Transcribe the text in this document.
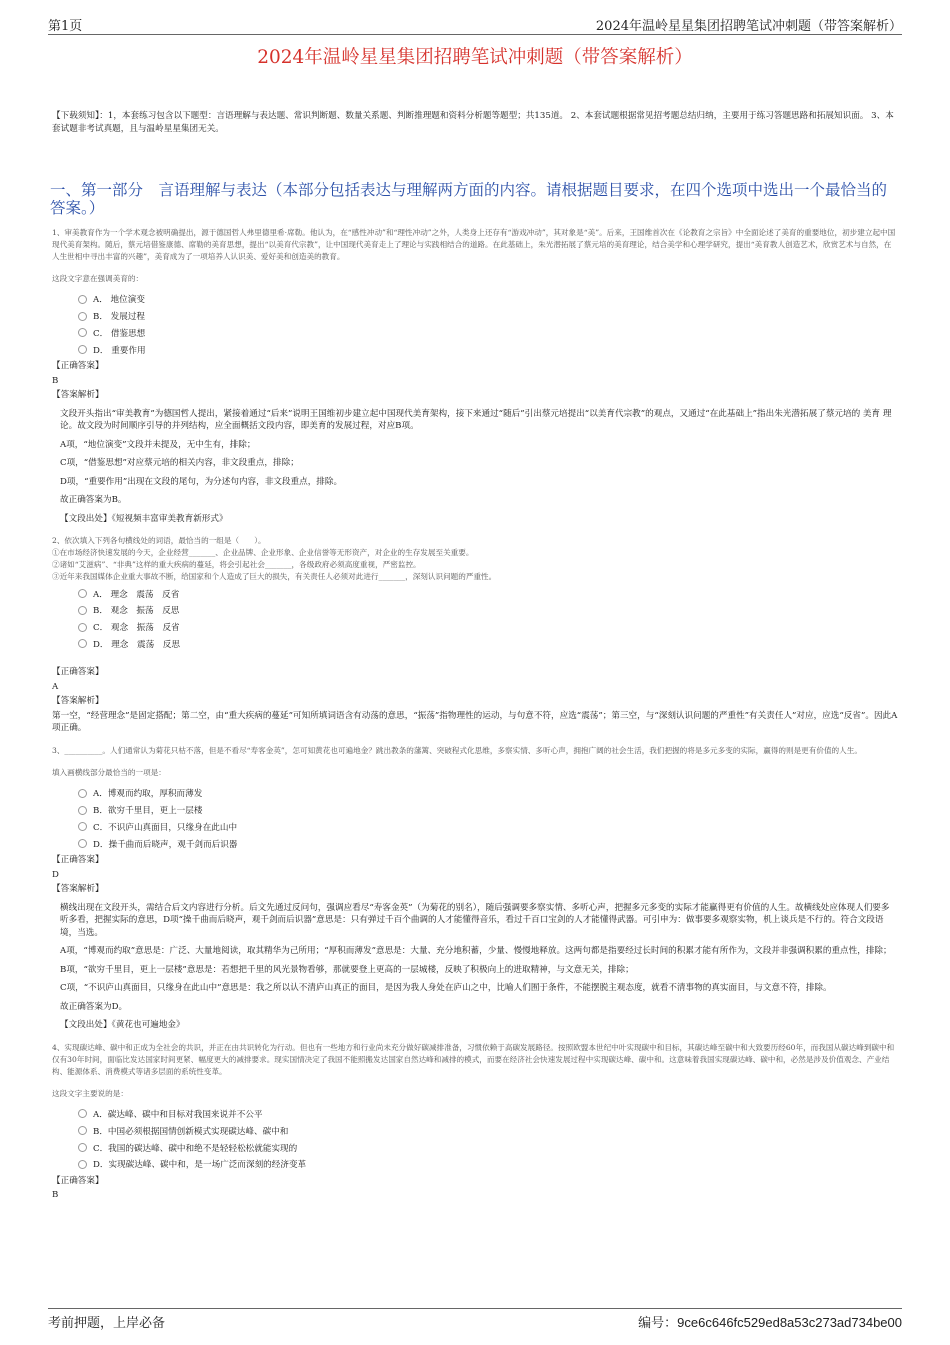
第1页	2024年温岭星星集团招聘笔试冲刺题（带答案解析）
2024年温岭星星集团招聘笔试冲刺题（带答案解析）
【下载须知】：1，本套练习包含以下题型：言语理解与表达题、常识判断题、数量关系题、判断推理题和资料分析题等题型；共135道。 2、本套试题根据常见招考题总结归纳，主要用于练习答题思路和拓展知识面。 3、本套试题非考试真题，且与温岭星星集团无关。
一、第一部分　言语理解与表达（本部分包括表达与理解两方面的内容。请根据题目要求，在四个选项中选出一个最恰当的答案。）
1、审美教育作为一个学术观念被明确提出，源于德国哲人弗里德里希·席勒。他认为，在“感性冲动”和“理性冲动”之外，人类身上还存有“游戏冲动”，其对象是“美”。后来，王国维首次在《论教育之宗旨》中全面论述了美育的重要地位，初步建立起中国现代美育架构。随后，蔡元培借鉴康德、席勒的美育思想，提出“以美育代宗教”，让中国现代美育走上了理论与实践相结合的道路。在此基础上，朱光潜拓展了蔡元培的美育理论，结合美学和心理学研究，提出“美育教人创造艺术，欣赏艺术与自然，在人生世相中寻出丰富的兴趣”，美育成为了一项培养人认识美、爱好美和创造美的教育。
这段文字意在强调美育的：
A． 地位演变
B． 发展过程
C． 借鉴思想
D． 重要作用
【正确答案】
B
【答案解析】
文段开头指出“审美教育”为德国哲人提出，紧接着通过“后来”说明王国维初步建立起中国现代美育架构，接下来通过“随后”引出蔡元培提出“以美育代宗教”的观点，又通过“在此基础上”指出朱光潜拓展了蔡元培的 美育 理论。故文段为时间顺序引导的并列结构，应全面概括文段内容，即美育的发展过程，对应B项。
A项，“地位演变”文段并未提及，无中生有，排除；
C项，“借鉴思想”对应蔡元培的相关内容，非文段重点，排除；
D项，“重要作用”出现在文段的尾句，为分述句内容，非文段重点，排除。
故正确答案为B。
【文段出处】《短视频丰富审美教育新形式》
2、依次填入下列各句横线处的词语，最恰当的一组是（　　）。
①在市场经济快速发展的今天，企业经营_______、企业品牌、企业形象、企业信誉等无形资产，对企业的生存发展至关重要。
②诸如“艾滋病”、“非典”这样的重大疾病的蔓延，将会引起社会_______，各级政府必须高度重视，严密监控。
③近年来我国媒体企业重大事故不断，给国家和个人造成了巨大的损失，有关责任人必须对此进行_______，深刻认识问题的严重性。
A． 理念　震荡　反省
B． 观念　振荡　反思
C． 观念　振荡　反省
D． 理念　震荡　反思
【正确答案】
A
【答案解析】
第一空，“经营理念”是固定搭配；第二空，由“重大疾病的蔓延”可知所填词语含有动荡的意思，“振荡”指物理性的运动，与句意不符，应选“震荡”；第三空，与“深刻认识问题的严重性”有关责任人”对应，应选“反省”。因此A项正确。
3、__________。人们通常认为菊花只枯不落，但是不看尽“寿客金英”，怎可知黄花也可遍地金？跳出教条的藩篱、突破程式化思维，多察实情、多听心声，拥抱广阔的社会生活，我们把握的将是多元多变的实际，赢得的则是更有价值的人生。
填入画横线部分最恰当的一项是：
A．博观而约取，厚积而薄发
B．欲穷千里目，更上一层楼
C．不识庐山真面目，只缘身在此山中
D．操千曲而后晓声，观千剑而后识器
【正确答案】
D
【答案解析】
横线出现在文段开头，需结合后文内容进行分析。后文先通过反问句，强调应看尽“寿客金英”（为菊花的别名），随后强调要多察实情、多听心声，把握多元多变的实际才能赢得更有价值的人生。故横线处应体现人们要多听多看，把握实际的意思，D项“操千曲而后晓声，观千剑而后识器”意思是：只有弹过千百个曲调的人才能懂得音乐，看过千百口宝剑的人才能懂得武器。可引申为：做事要多观察实物，机上谈兵是不行的。符合文段语境，当选。
A项，“博观而约取”意思是：广泛、大量地阅读，取其精华为己所用；“厚积而薄发”意思是：大量、充分地积蓄，少量、慢慢地释放。这两句都是指要经过长时间的积累才能有所作为，文段并非强调积累的重点性，排除；
B项，“欲穷千里目，更上一层楼”意思是：若想把千里的风光景物看够，那就要登上更高的一层城楼，反映了积极向上的进取精神，与文意无关，排除；
C项，“不识庐山真面目，只缘身在此山中”意思是：我之所以认不清庐山真正的面目，是因为我人身处在庐山之中，比喻人们囿于条件，不能摆脱主观态度，就看不清事物的真实面目，与文意不符，排除。
故正确答案为D。
【文段出处】《黄花也可遍地金》
4、实现碳达峰、碳中和正成为全社会的共识，并正在由共识转化为行动。但也有一些地方和行业尚未充分做好碳减排准备，习惯依赖于高碳发展路径。按照欧盟本世纪中叶实现碳中和目标，其碳达峰至碳中和大致要历经60年，而我国从碳达峰到碳中和仅有30年时间，面临比发达国家时间更紧、幅度更大的减排要求。现实国情决定了我国不能照搬发达国家自然达峰和减排的模式，而要在经济社会快速发展过程中实现碳达峰、碳中和。这意味着我国实现碳达峰、碳中和，必然是涉及价值观念、产业结构、能源体系、消费模式等诸多层面的系统性变革。
这段文字主要说的是：
A．碳达峰、碳中和目标对我国来说并不公平
B．中国必须根据国情创新模式实现碳达峰、碳中和
C．我国的碳达峰、碳中和绝不是轻轻松松就能实现的
D．实现碳达峰、碳中和，是一场广泛而深刻的经济变革
【正确答案】
B
考前押题，上岸必备	编号：9ce6c646fc529ed8a53c273ad734be00
